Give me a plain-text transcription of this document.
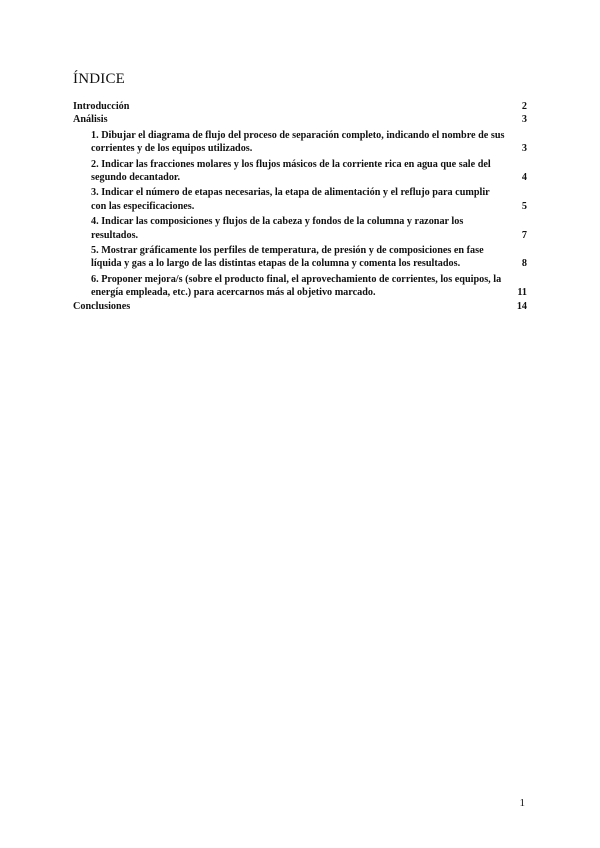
ÍNDICE
Introducción	2
Análisis	3
1. Dibujar el diagrama de flujo del proceso de separación completo, indicando el nombre de sus corrientes y de los equipos utilizados.	3
2. Indicar las fracciones molares y los flujos másicos de la corriente rica en agua que sale del segundo decantador.	4
3. Indicar el número de etapas necesarias, la etapa de alimentación y el reflujo para cumplir con las especificaciones.	5
4. Indicar las composiciones y flujos de la cabeza y fondos de la columna y razonar los resultados.	7
5. Mostrar gráficamente los perfiles de temperatura, de presión y de composiciones en fase líquida y gas a lo largo de las distintas etapas de la columna y comenta los resultados.	8
6. Proponer mejora/s (sobre el producto final, el aprovechamiento de corrientes, los equipos, la energía empleada, etc.) para acercarnos más al objetivo marcado.	11
Conclusiones	14
1
